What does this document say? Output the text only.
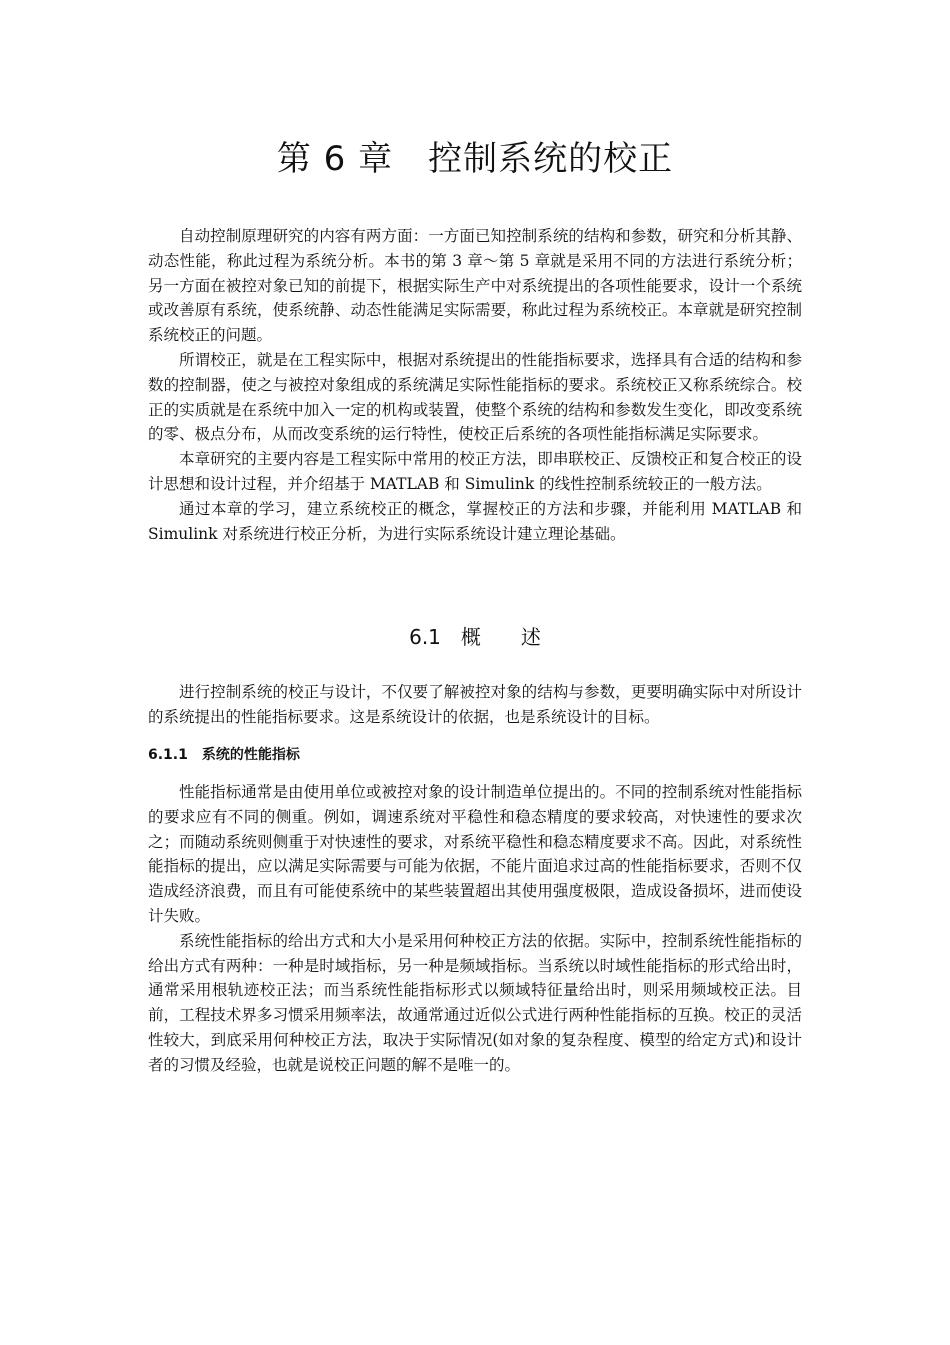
第 6 章　控制系统的校正

自动控制原理研究的内容有两方面：一方面已知控制系统的结构和参数，研究和分析其静、动态性能，称此过程为系统分析。本书的第 3 章～第 5 章就是采用不同的方法进行系统分析；另一方面在被控对象已知的前提下，根据实际生产中对系统提出的各项性能要求，设计一个系统或改善原有系统，使系统静、动态性能满足实际需要，称此过程为系统校正。本章就是研究控制系统校正的问题。

所谓校正，就是在工程实际中，根据对系统提出的性能指标要求，选择具有合适的结构和参数的控制器，使之与被控对象组成的系统满足实际性能指标的要求。系统校正又称系统综合。校正的实质就是在系统中加入一定的机构或装置，使整个系统的结构和参数发生变化，即改变系统的零、极点分布，从而改变系统的运行特性，使校正后系统的各项性能指标满足实际要求。

本章研究的主要内容是工程实际中常用的校正方法，即串联校正、反馈校正和复合校正的设计思想和设计过程，并介绍基于 MATLAB 和 Simulink 的线性控制系统较正的一般方法。

通过本章的学习，建立系统校正的概念，掌握校正的方法和步骤，并能利用 MATLAB 和 Simulink 对系统进行校正分析，为进行实际系统设计建立理论基础。

6.1　概　　述

进行控制系统的校正与设计，不仅要了解被控对象的结构与参数，更要明确实际中对所设计的系统提出的性能指标要求。这是系统设计的依据，也是系统设计的目标。

6.1.1　系统的性能指标

性能指标通常是由使用单位或被控对象的设计制造单位提出的。不同的控制系统对性能指标的要求应有不同的侧重。例如，调速系统对平稳性和稳态精度的要求较高，对快速性的要求次之；而随动系统则侧重于对快速性的要求，对系统平稳性和稳态精度要求不高。因此，对系统性能指标的提出，应以满足实际需要与可能为依据，不能片面追求过高的性能指标要求，否则不仅造成经济浪费，而且有可能使系统中的某些装置超出其使用强度极限，造成设备损坏，进而使设计失败。

系统性能指标的给出方式和大小是采用何种校正方法的依据。实际中，控制系统性能指标的给出方式有两种：一种是时域指标，另一种是频域指标。当系统以时域性能指标的形式给出时，通常采用根轨迹校正法；而当系统性能指标形式以频域特征量给出时，则采用频域校正法。目前，工程技术界多习惯采用频率法，故通常通过近似公式进行两种性能指标的互换。校正的灵活性较大，到底采用何种校正方法，取决于实际情况(如对象的复杂程度、模型的给定方式)和设计者的习惯及经验，也就是说校正问题的解不是唯一的。
